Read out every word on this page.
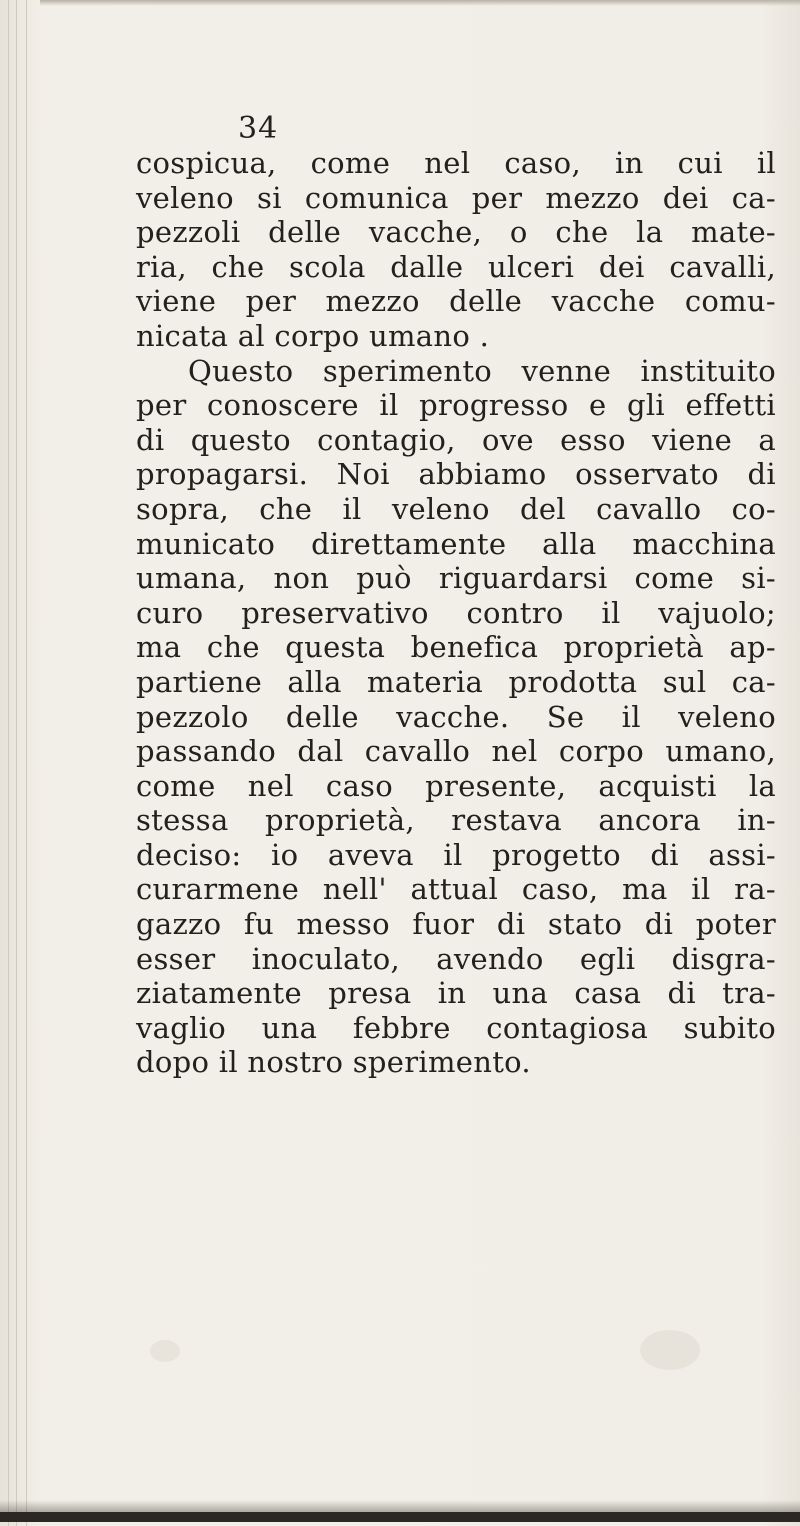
34
cospicua, come nel caso, in cui il
veleno si comunica per mezzo dei ca-
pezzoli delle vacche, o che la mate-
ria, che scola dalle ulceri dei cavalli,
viene per mezzo delle vacche comu-
nicata al corpo umano .
Questo sperimento venne instituito
per conoscere il progresso e gli effetti
di questo contagio, ove esso viene a
propagarsi. Noi abbiamo osservato di
sopra, che il veleno del cavallo co-
municato direttamente alla macchina
umana, non può riguardarsi come si-
curo preservativo contro il vajuolo;
ma che questa benefica proprietà ap-
partiene alla materia prodotta sul ca-
pezzolo delle vacche. Se il veleno
passando dal cavallo nel corpo umano,
come nel caso presente, acquisti la
stessa proprietà, restava ancora in-
deciso: io aveva il progetto di assi-
curarmene nell' attual caso, ma il ra-
gazzo fu messo fuor di stato di poter
esser inoculato, avendo egli disgra-
ziatamente presa in una casa di tra-
vaglio una febbre contagiosa subito
dopo il nostro sperimento.
